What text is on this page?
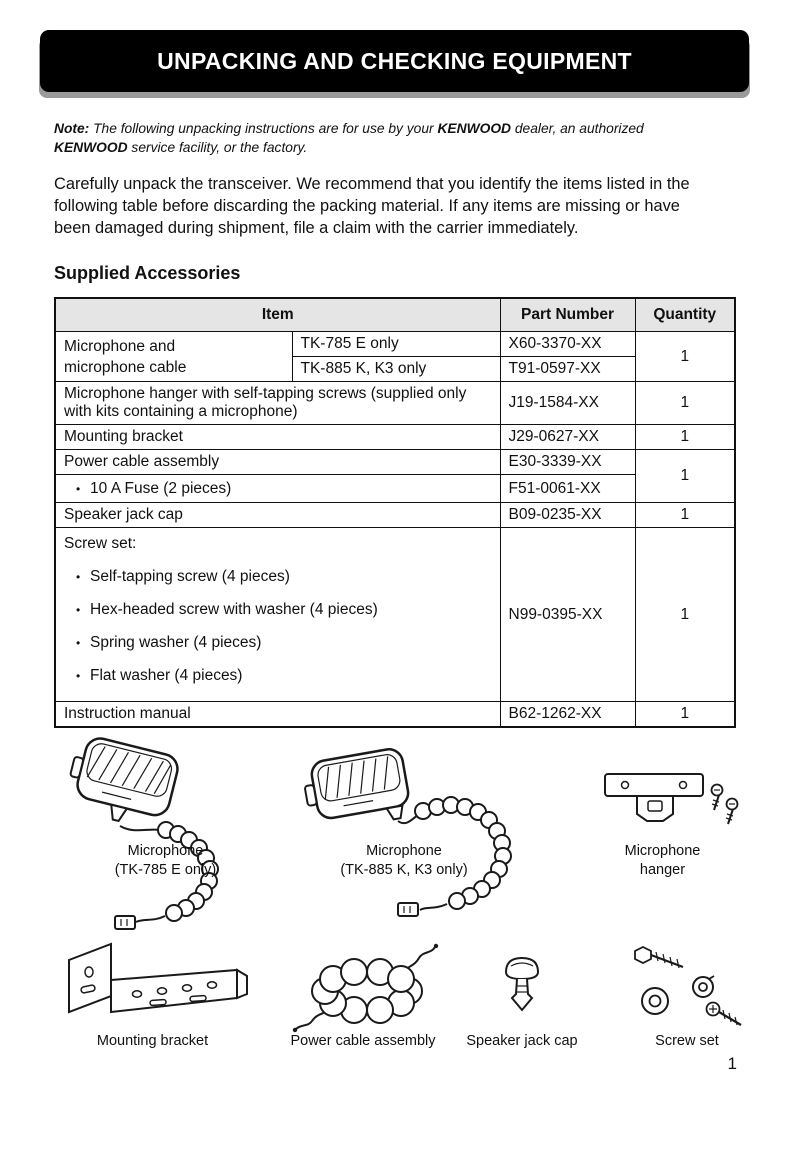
UNPACKING AND CHECKING EQUIPMENT

Note: The following unpacking instructions are for use by your KENWOOD dealer, an authorized KENWOOD service facility, or the factory.

Carefully unpack the transceiver. We recommend that you identify the items listed in the following table before discarding the packing material. If any items are missing or have been damaged during shipment, file a claim with the carrier immediately.

Supplied Accessories
Item		Part Number	Quantity

Microphone and
microphone cable	TK-785 E only	X60-3370-XX	1
	TK-885 K, K3 only	T91-0597-XX	
Microphone hanger with self-tapping screws (supplied only with kits containing a microphone)		J19-1584-XX	1
Mounting bracket		J29-0627-XX	1
Power cable assembly		E30-3339-XX	1

• 10 A Fuse (2 pieces)		F51-0061-XX	
Speaker jack cap		B09-0235-XX	1

Screw set:
• Self-tapping screw (4 pieces)
• Hex-headed screw with washer (4 pieces)
• Spring washer (4 pieces)
• Flat washer (4 pieces)		N99-0395-XX	1
Instruction manual		B62-1262-XX	1
Microphone
(TK-785 E only)
Microphone
(TK-885 K, K3 only)
Microphone
hanger
Mounting bracket	Power cable assembly	Speaker jack cap	Screw set
1
